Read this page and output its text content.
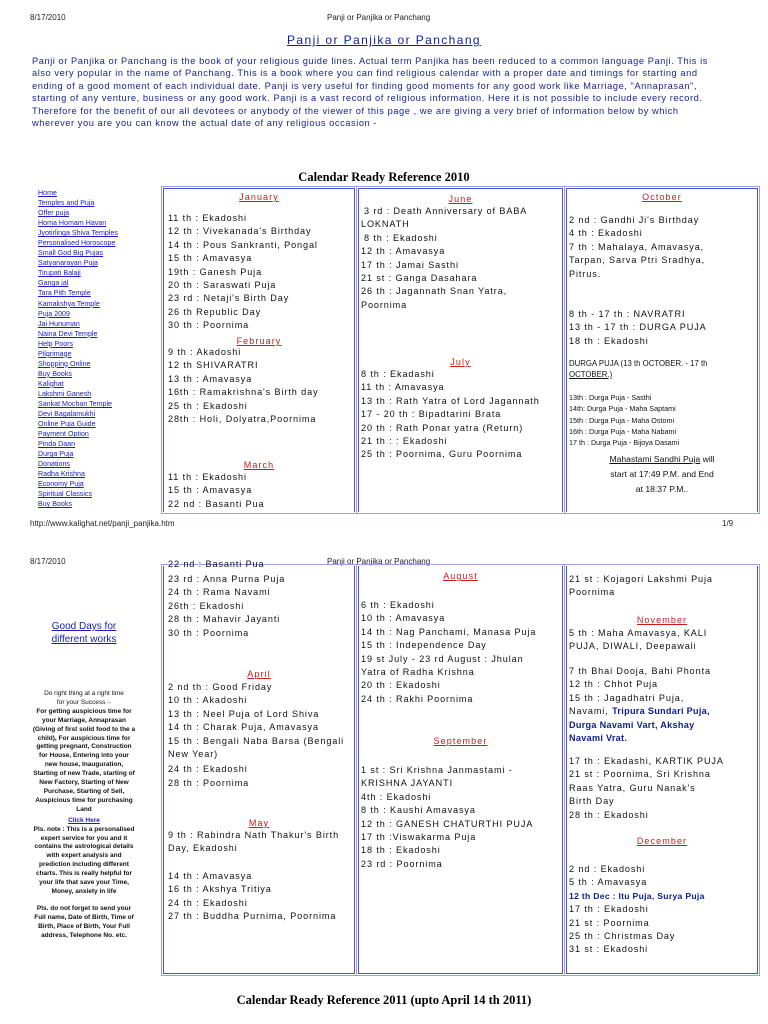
8/17/2010	Panji or Panjika or Panchang
Panji or Panjika or Panchang
Panji or Panjika or Panchang is the book of your religious guide lines. Actual term Panjika has been reduced to a common language Panji. This is
also very popular in the name of Panchang. This is a book where you can find religious calendar with a proper date and timings for starting and
ending of a good moment of each individual date. Panji is very useful for finding good moments for any good work like Marriage, "Annaprasan",
starting of any venture, business or any good work. Panji is a vast record of religious information. Here it is not possible to include every record.
Therefore for the benefit of our all devotees or anybody of the viewer of this page , we are giving a very brief of information below by which
wherever you are you can know the actual date of any religious occasion -
Calendar Ready Reference 2010
Home
Temples and Puja
Offer puja
Homa Homam Havan
Jyotirlinga Shiva Temples
Personalised Horoscope
Small God Big Pujas
Satyanarayan Puja
Tirupati Balaji
Ganga jal
Tara Pith Temple
Kamakshya Temple
Puja 2009
Jai Hunuman
Naina Devi Temple
Help Poors
Pilgrimage
Shopping Online
Buy Books
Kalighat
Lakshmi Ganesh
Sankat Mochan Temple
Devi Bagalamukhi
Online Puja Guide
Payment Option
Pinda Daan
Durga Puja
Donations
Radha Krishna
Economy Puja
Spiritual Classics
Buy Books
January
11 th : Ekadoshi
12 th : Vivekanada's Birthday
14 th : Pous Sankranti, Pongal
15 th : Amavasya
19th : Ganesh Puja
20 th : Saraswati Puja
23 rd : Netaji's Birth Day
26 th Republic Day
30 th : Poornima
February
9 th : Akadoshi
12 th SHIVARATRI
13 th : Amavasya
16th : Ramakrishna's Birth day
25 th : Ekadoshi
28th : Holi, Dolyatra,Poornima
March
11 th : Ekadoshi
15 th : Amavasya
22 nd : Basanti Pua
June
3 rd : Death Anniversary of BABA
LOKNATH
8 th : Ekadoshi
12 th : Amavasya
17 th : Jamai Sasthi
21 st : Ganga Dasahara
26 th : Jagannath Snan Yatra,
Poornima
July
8 th : Ekadashi
11 th : Amavasya
13 th : Rath Yatra of Lord Jagannath
17 - 20 th : Bipadtarini Brata
20 th : Rath Ponar yatra (Return)
21 th : : Ekadoshi
25 th : Poornima, Guru Poornima
October
2 nd : Gandhi Ji's Birthday
4 th : Ekadoshi
7 th : Mahalaya, Amavasya,
Tarpan, Sarva Ptri Sradhya,
Pitrus.
8 th - 17 th : NAVRATRI
13 th - 17 th : DURGA PUJA
18 th : Ekadoshi
DURGA PUJA (13 th OCTOBER. - 17 th
OCTOBER.)
13th : Durga Puja - Sasthi
14th: Durga Puja - Maha Saptami
15th : Durga Puja - Maha Ostomi
16th : Durga Puja - Maha Nabami
17 th : Durga Puja - Bijoya Dasami
Mahastami Sandhi Puja will
start at 17:49 P.M. and End
at 18:37 P.M..
http://www.kalighat.net/panji_panjika.htm	1/9
8/17/2010	Panji or Panjika or Panchang
22 nd : Basanti Pua
23 rd : Anna Purna Puja
24 th : Rama Navami
26th : Ekadoshi
28 th : Mahavir Jayanti
30 th : Poornima
April
2 nd th : Good Friday
10 th : Akadoshi
13 th : Neel Puja of Lord Shiva
14 th : Charak Puja, Amavasya
15 th : Bengali Naba Barsa (Bengali
New Year)
24 th : Ekadoshi
28 th : Poornima
May
9 th : Rabindra Nath Thakur's Birth
Day, Ekadoshi
14 th : Amavasya
16 th : Akshya Tritiya
24 th : Ekadoshi
27 th : Buddha Purnima, Poornima
August
6 th : Ekadoshi
10 th : Amavasya
14 th : Nag Panchami, Manasa Puja
15 th : Independence Day
19 st July - 23 rd August : Jhulan
Yatra of Radha Krishna
20 th : Ekadoshi
24 th : Rakhi Poornima
September
1 st : Sri Krishna Janmastami -
KRISHNA JAYANTI
4th : Ekadoshi
8 th : Kaushi Amavasya
12 th : GANESH CHATURTHI PUJA
17 th :Viswakarma Puja
18 th : Ekadoshi
23 rd : Poornima
21 st : Kojagori Lakshmi Puja
Poornima
November
5 th : Maha Amavasya, KALI
PUJA, DIWALI, Deepawali
7 th Bhai Dooja, Bahi Phonta
12 th : Chhot Puja
15 th : Jagadhatri Puja,
Navami, Tripura Sundari Puja,
Durga Navami Vart, Akshay
Navami Vrat.
17 th : Ekadashi, KARTIK PUJA
21 st : Poornima, Sri Krishna
Raas Yatra, Guru Nanak's
Birth Day
28 th : Ekadoshi
December
2 nd : Ekadoshi
5 th : Amavasya
12 th Dec : Itu Puja, Surya Puja
17 th : Ekadoshi
21 st : Poornima
25 th : Christmas Day
31 st : Ekadoshi
Good Days for different works
Do right thing at a right time
for your Success :-
For getting auspicious time for
your Marriage, Annaprasan
(Giving of first solid food to the a
child), For auspicious time for
getting pregnant, Construction
for House, Entering into your
new house, Inauguration,
Starting of new Trade, starting of
New Factory, Starting of New
Purchase, Starting of Sell,
Auspicious time for purchasing
Land
Click Here
Pls. note : This is a personalised
expert service for you and it
contains the astrological details
with expert analysis and
prediction including different
charts. This is really helpful for
your life that save your Time,
Money, anxiety in life
Pls. do not forget to send your
Full name, Date of Birth, Time of
Birth, Place of Birth, Your Full
address, Telephone No. etc.
Calendar Ready Reference 2011 (upto April 14 th 2011)
